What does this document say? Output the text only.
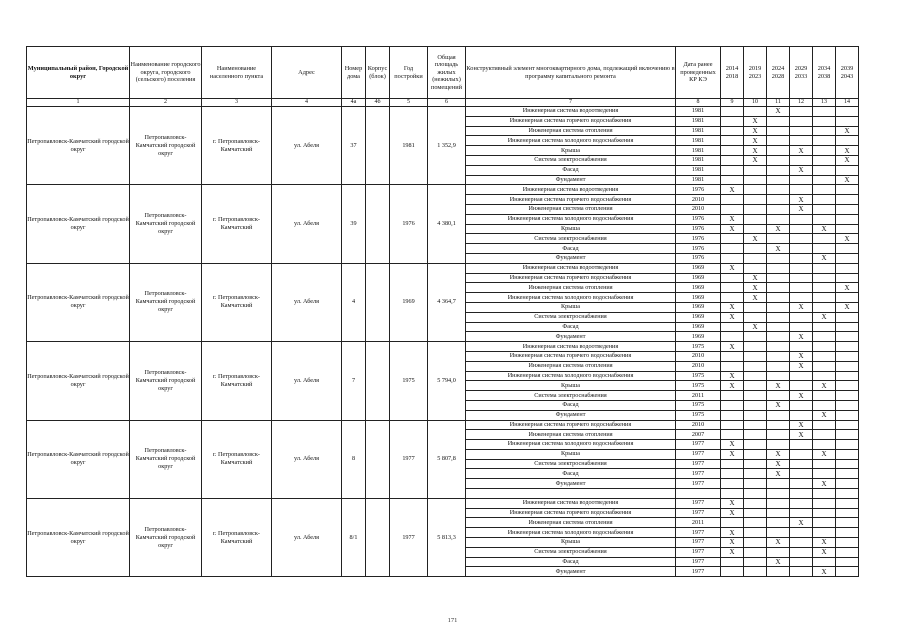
Муниципальный район, Городской округ	Наименование городского округа, городского (сельского) поселения	Наименование населенного пункта	Адрес	Номер дома	Корпус (блок)	Год постройки	Общая площадь жилых (нежилых) помещений	Конструктивный элемент многоквартирного дома, подлежащий включению в программу капитального ремонта	Дата ранее проведенных КР КЭ	2014 2018	2019 2023	2024 2028	2029 2033	2034 2038	2039 2043
1	2	3	4	4а	4б	5	6	7	8	9	10	11	12	13	14
Петропавловск-Камчатский городской округ	Петропавловск-Камчатский городской округ	г. Петропавловск-Камчатский	ул. Абеля	37		1981	1 352,9	Инженерная система водоотведения	1981			X			
								Инженерная система горячего водоснабжения	1981		X				
								Инженерная система отопления	1981		X				X
								Инженерная система холодного водоснабжения	1981		X				
								Крыша	1981		X		X		X
								Система электроснабжения	1981		X				X
								Фасад	1981				X		
								Фундамент	1981						X
Петропавловск-Камчатский городской округ	Петропавловск-Камчатский городской округ	г. Петропавловск-Камчатский	ул. Абеля	39		1976	4 380,1	Инженерная система водоотведения	1976	X					
								Инженерная система горячего водоснабжения	2010				X		
								Инженерная система отопления	2010				X		
								Инженерная система холодного водоснабжения	1976	X					
								Крыша	1976	X		X		X	
								Система электроснабжения	1976		X				X
								Фасад	1976			X			
								Фундамент	1976					X	
Петропавловск-Камчатский городской округ	Петропавловск-Камчатский городской округ	г. Петропавловск-Камчатский	ул. Абеля	4		1969	4 364,7	Инженерная система водоотведения	1969	X					
								Инженерная система горячего водоснабжения	1969		X				
								Инженерная система отопления	1969		X				X
								Инженерная система холодного водоснабжения	1969		X				
								Крыша	1969	X			X		X
								Система электроснабжения	1969	X				X	
								Фасад	1969		X				
								Фундамент	1969				X		
Петропавловск-Камчатский городской округ	Петропавловск-Камчатский городской округ	г. Петропавловск-Камчатский	ул. Абеля	7		1975	5 794,0	Инженерная система водоотведения	1975	X					
								Инженерная система горячего водоснабжения	2010				X		
								Инженерная система отопления	2010				X		
								Инженерная система холодного водоснабжения	1975	X					
								Крыша	1975	X		X		X	
								Система электроснабжения	2011				X		
								Фасад	1975			X			
								Фундамент	1975					X	
Петропавловск-Камчатский городской округ	Петропавловск-Камчатский городской округ	г. Петропавловск-Камчатский	ул. Абеля	8		1977	5 807,8	Инженерная система горячего водоснабжения	2010				X		
								Инженерная система отопления	2007				X		
								Инженерная система холодного водоснабжения	1977	X					
								Крыша	1977	X		X		X	
								Система электроснабжения	1977			X			
								Фасад	1977			X			
								Фундамент	1977					X	

Петропавловск-Камчатский городской округ	Петропавловск-Камчатский городской округ	г. Петропавловск-Камчатский	ул. Абеля	8/1		1977	5 813,3	Инженерная система водоотведения	1977	X					
								Инженерная система горячего водоснабжения	1977	X					
								Инженерная система отопления	2011				X		
								Инженерная система холодного водоснабжения	1977	X					
								Крыша	1977	X		X		X	
								Система электроснабжения	1977	X				X	
								Фасад	1977			X			
								Фундамент	1977					X	
171
